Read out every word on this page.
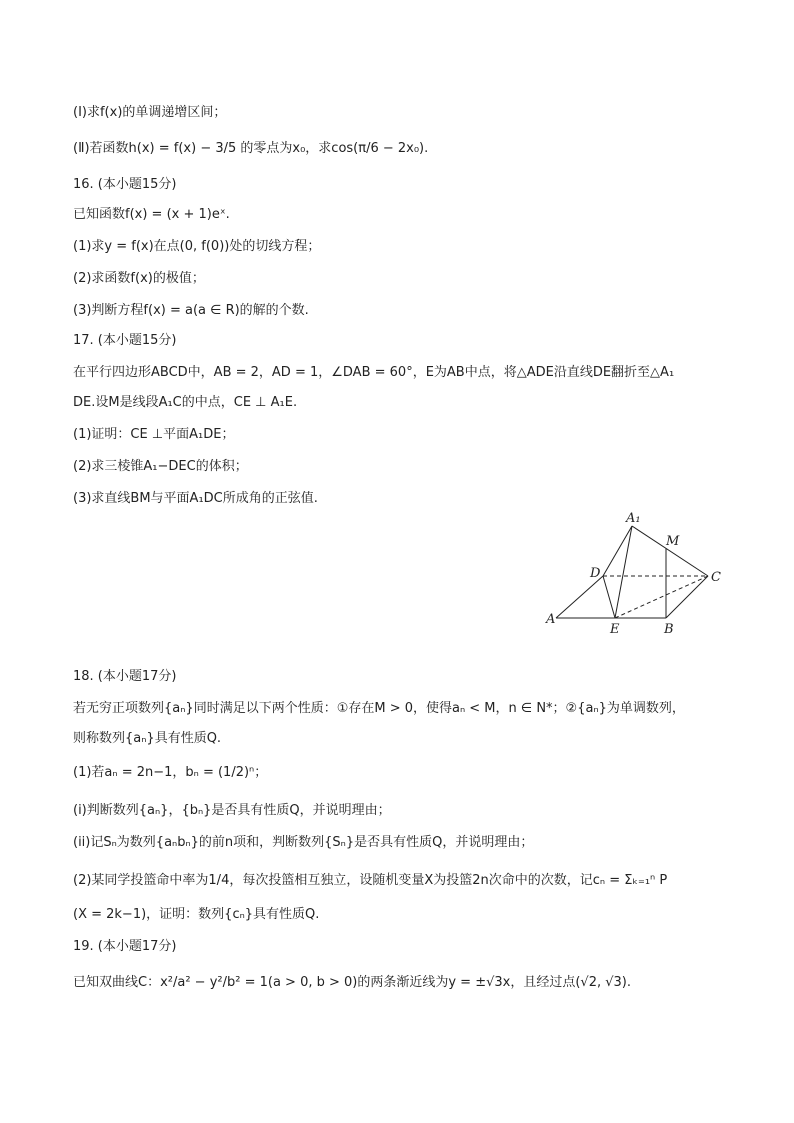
(Ⅰ)求f(x)的单调递增区间；
(Ⅱ)若函数h(x) = f(x) − 3/5 的零点为x₀，求cos(π/6 − 2x₀).
16. (本小题15分)
已知函数f(x) = (x + 1)eˣ.
(1)求y = f(x)在点(0, f(0))处的切线方程；
(2)求函数f(x)的极值；
(3)判断方程f(x) = a(a ∈ R)的解的个数.
17. (本小题15分)
在平行四边形ABCD中，AB = 2，AD = 1，∠DAB = 60°，E为AB中点，将△ADE沿直线DE翻折至△A₁
DE.设M是线段A₁C的中点，CE ⊥ A₁E.
(1)证明：CE ⊥平面A₁DE；
(2)求三棱锥A₁−DEC的体积；
(3)求直线BM与平面A₁DC所成角的正弦值.
A₁
M
D	C
A
E	B
18. (本小题17分)
若无穷正项数列{aₙ}同时满足以下两个性质：①存在M > 0，使得aₙ < M，n ∈ N*；②{aₙ}为单调数列，
则称数列{aₙ}具有性质Q.
(1)若aₙ = 2n−1，bₙ = (1/2)ⁿ；
(i)判断数列{aₙ}，{bₙ}是否具有性质Q，并说明理由；
(ii)记Sₙ为数列{aₙbₙ}的前n项和，判断数列{Sₙ}是否具有性质Q，并说明理由；
(2)某同学投篮命中率为1/4，每次投篮相互独立，设随机变量X为投篮2n次命中的次数，记cₙ = Σₖ₌₁ⁿ P
(X = 2k−1)，证明：数列{cₙ}具有性质Q.
19. (本小题17分)
已知双曲线C：x²/a² − y²/b² = 1(a > 0, b > 0)的两条渐近线为y = ±√3x，且经过点(√2, √3).
